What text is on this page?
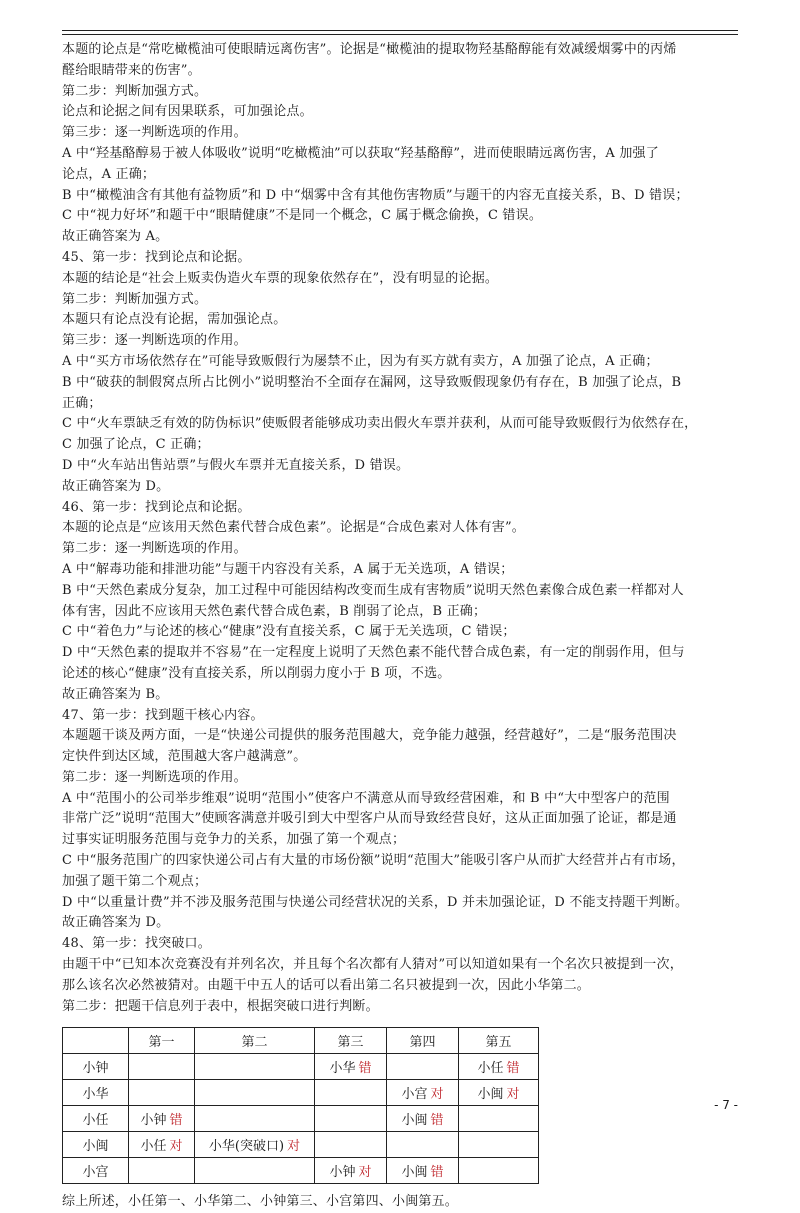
本题的论点是“常吃橄榄油可使眼睛远离伤害”。论据是“橄榄油的提取物羟基酪醇能有效减缓烟雾中的丙烯
醛给眼睛带来的伤害”。
第二步：判断加强方式。
论点和论据之间有因果联系，可加强论点。
第三步：逐一判断选项的作用。
A 中“羟基酪醇易于被人体吸收”说明“吃橄榄油”可以获取“羟基酪醇”，进而使眼睛远离伤害，A 加强了
论点，A 正确；
B 中“橄榄油含有其他有益物质”和 D 中“烟雾中含有其他伤害物质”与题干的内容无直接关系，B、D 错误；
C 中“视力好坏”和题干中“眼睛健康”不是同一个概念，C 属于概念偷换，C 错误。
故正确答案为 A。
45、第一步：找到论点和论据。
本题的结论是“社会上贩卖伪造火车票的现象依然存在”，没有明显的论据。
第二步：判断加强方式。
本题只有论点没有论据，需加强论点。
第三步：逐一判断选项的作用。
A 中“买方市场依然存在”可能导致贩假行为屡禁不止，因为有买方就有卖方，A 加强了论点，A 正确；
B 中“破获的制假窝点所占比例小”说明整治不全面存在漏网，这导致贩假现象仍有存在，B 加强了论点，B
正确；
C 中“火车票缺乏有效的防伪标识”使贩假者能够成功卖出假火车票并获利，从而可能导致贩假行为依然存在，
C 加强了论点，C 正确；
D 中“火车站出售站票”与假火车票并无直接关系，D 错误。
故正确答案为 D。
46、第一步：找到论点和论据。
本题的论点是“应该用天然色素代替合成色素”。论据是“合成色素对人体有害”。
第二步：逐一判断选项的作用。
A 中“解毒功能和排泄功能”与题干内容没有关系，A 属于无关选项，A 错误；
B 中“天然色素成分复杂，加工过程中可能因结构改变而生成有害物质”说明天然色素像合成色素一样都对人
体有害，因此不应该用天然色素代替合成色素，B 削弱了论点，B 正确；
C 中“着色力”与论述的核心“健康”没有直接关系，C 属于无关选项，C 错误；
D 中“天然色素的提取并不容易”在一定程度上说明了天然色素不能代替合成色素，有一定的削弱作用，但与
论述的核心“健康”没有直接关系，所以削弱力度小于 B 项，不选。
故正确答案为 B。
47、第一步：找到题干核心内容。
本题题干谈及两方面，一是“快递公司提供的服务范围越大，竞争能力越强，经营越好”，二是“服务范围决
定快件到达区域，范围越大客户越满意”。
第二步：逐一判断选项的作用。
A 中“范围小的公司举步维艰”说明“范围小”使客户不满意从而导致经营困难，和 B 中“大中型客户的范围
非常广泛”说明“范围大”使顾客满意并吸引到大中型客户从而导致经营良好，这从正面加强了论证，都是通
过事实证明服务范围与竞争力的关系，加强了第一个观点；
C 中“服务范围广的四家快递公司占有大量的市场份额”说明“范围大”能吸引客户从而扩大经营并占有市场，
加强了题干第二个观点；
D 中“以重量计费”并不涉及服务范围与快递公司经营状况的关系，D 并未加强论证，D 不能支持题干判断。
故正确答案为 D。
48、第一步：找突破口。
由题干中“已知本次竞赛没有并列名次，并且每个名次都有人猜对”可以知道如果有一个名次只被提到一次，
那么该名次必然被猜对。由题干中五人的话可以看出第二名只被提到一次，因此小华第二。
第二步：把题干信息列于表中，根据突破口进行判断。
	第一	第二	第三	第四	第五
小钟			小华 错		小任 错
小华				小宫 对	小闽 对
小任	小钟 错			小闽 错	
小闽	小任 对	小华(突破口) 对			
小宫			小钟 对	小闽 错	
综上所述，小任第一、小华第二、小钟第三、小宫第四、小闽第五。
- 7 -
